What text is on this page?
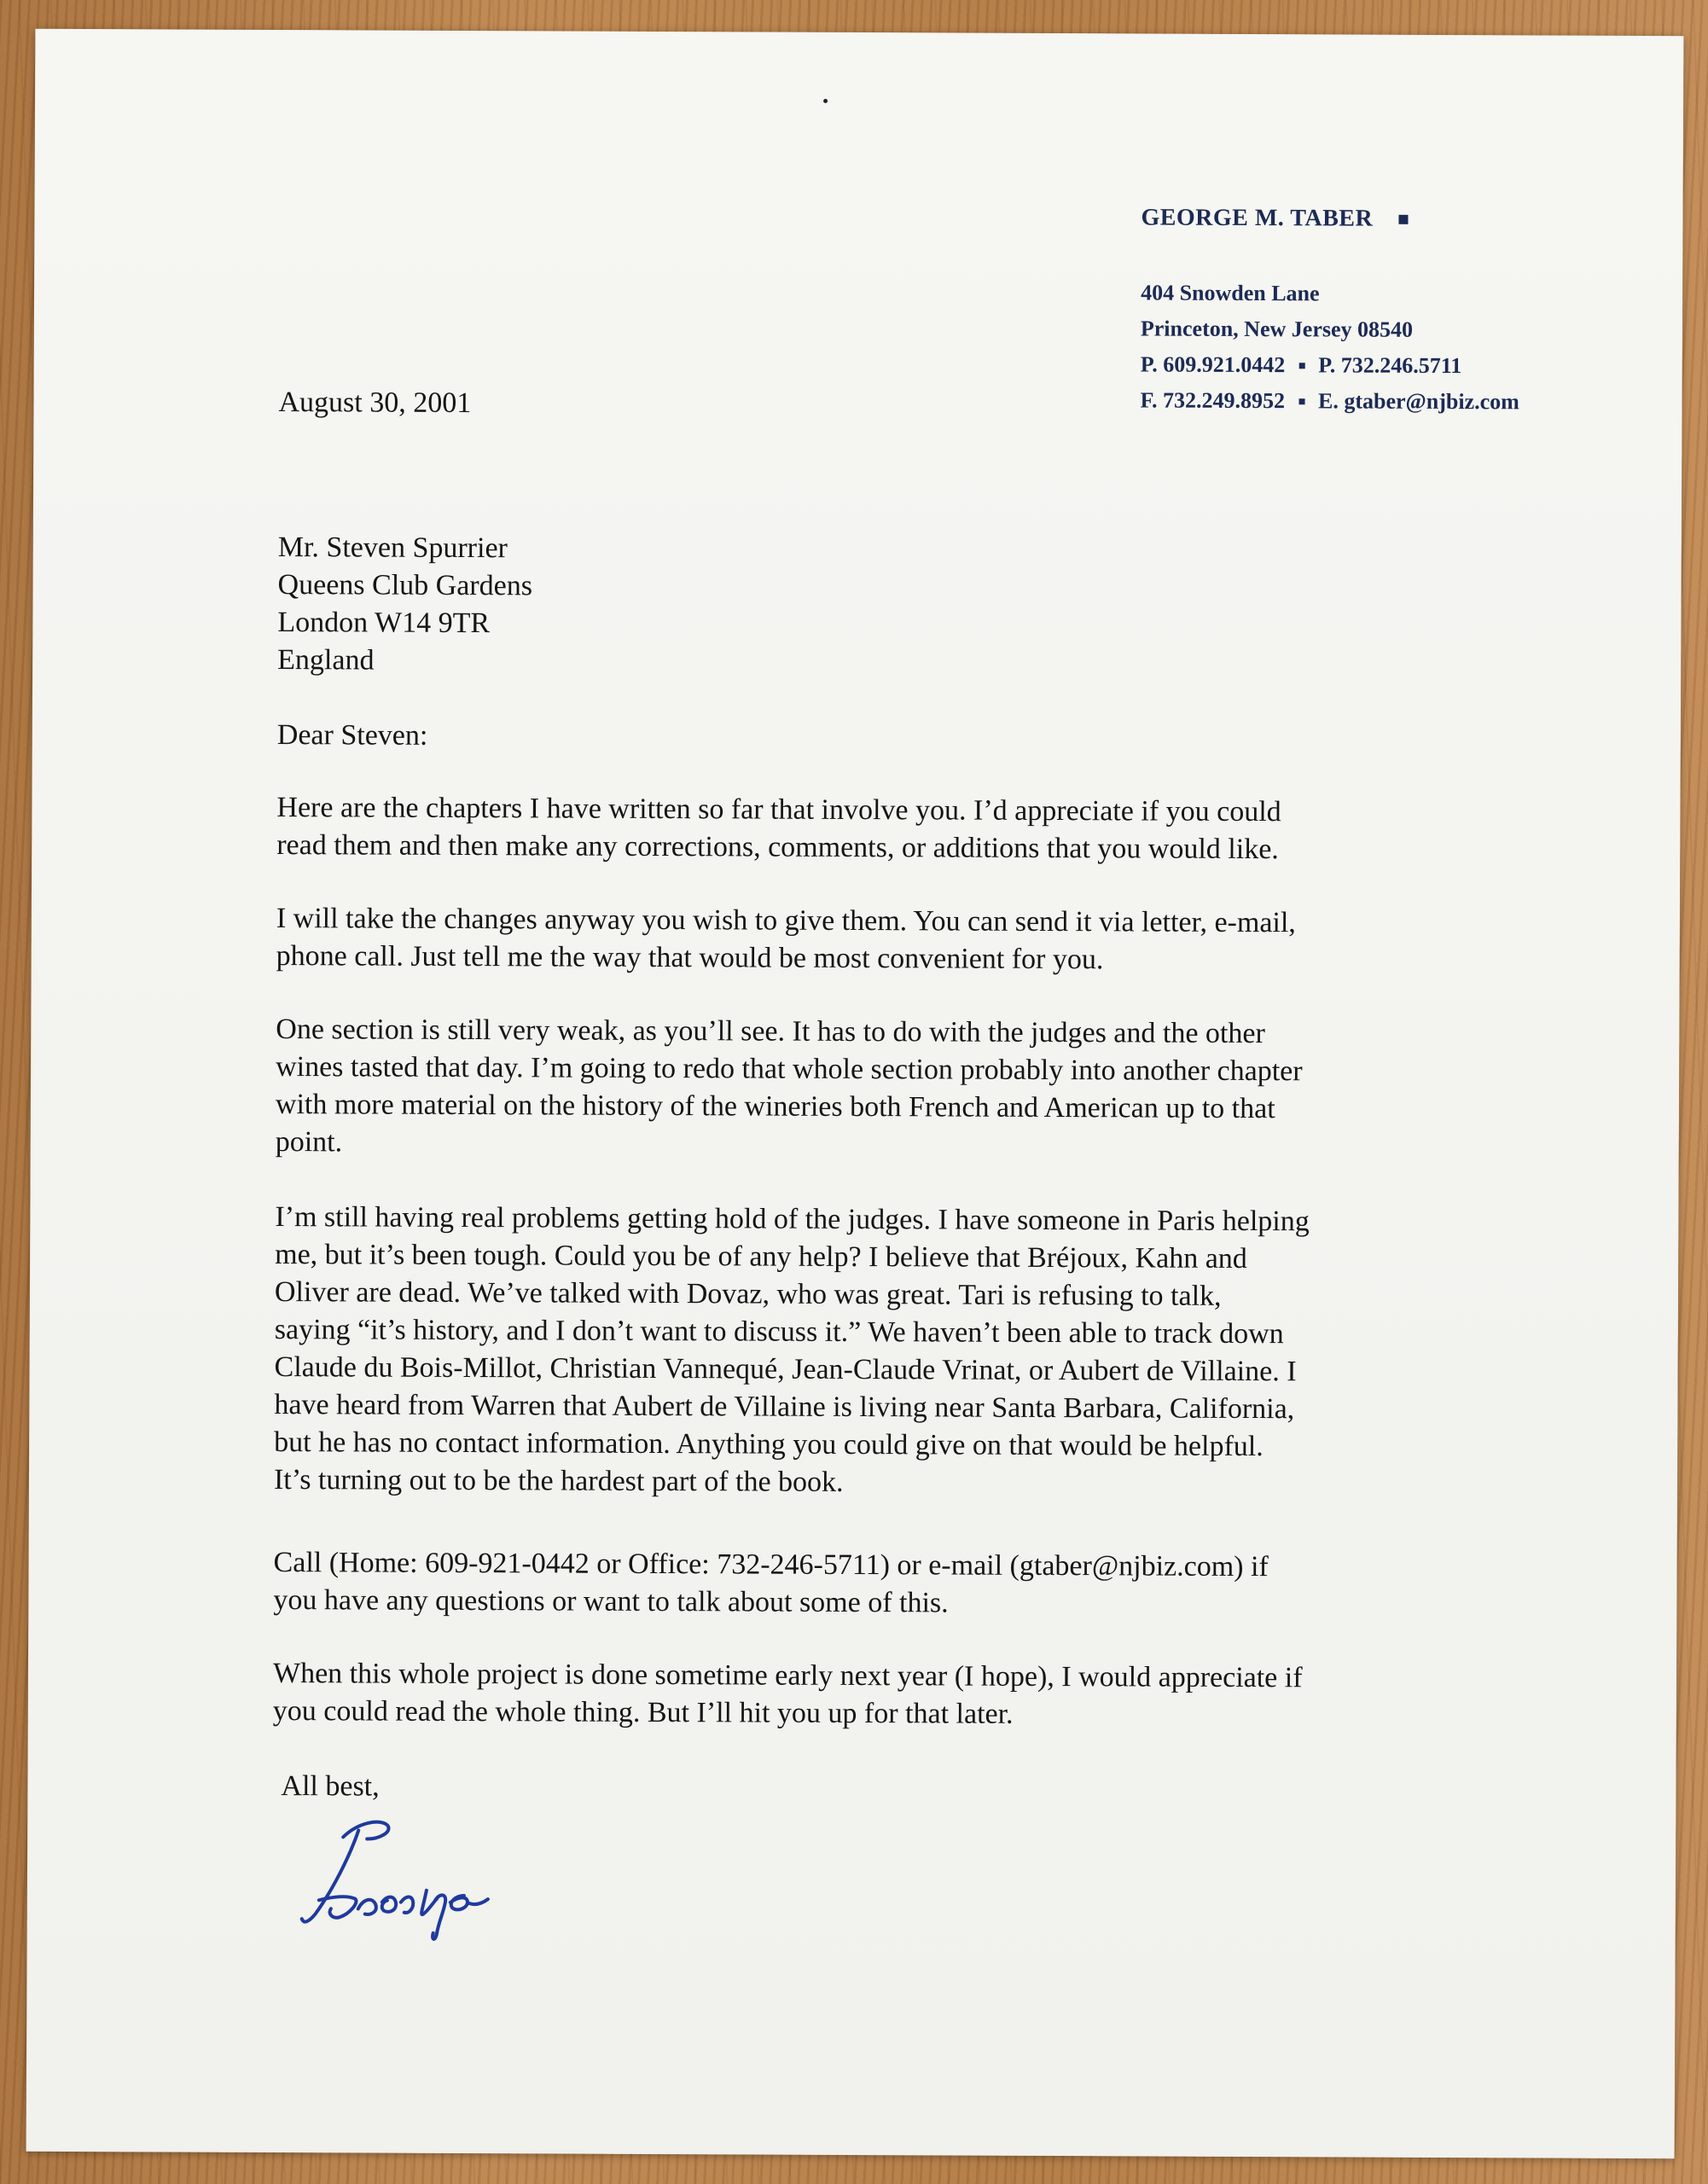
GEORGE M. TABER
404 Snowden Lane
Princeton, New Jersey 08540
P. 609.921.0442 P. 732.246.5711
F. 732.249.8952 E. gtaber@njbiz.com
August 30, 2001
Mr. Steven Spurrier
Queens Club Gardens
London W14 9TR
England
Dear Steven:
Here are the chapters I have written so far that involve you. I’d appreciate if you could
read them and then make any corrections, comments, or additions that you would like.
I will take the changes anyway you wish to give them. You can send it via letter, e-mail,
phone call. Just tell me the way that would be most convenient for you.
One section is still very weak, as you’ll see. It has to do with the judges and the other
wines tasted that day. I’m going to redo that whole section probably into another chapter
with more material on the history of the wineries both French and American up to that
point.
I’m still having real problems getting hold of the judges. I have someone in Paris helping
me, but it’s been tough. Could you be of any help? I believe that Bréjoux, Kahn and
Oliver are dead. We’ve talked with Dovaz, who was great. Tari is refusing to talk,
saying “it’s history, and I don’t want to discuss it.” We haven’t been able to track down
Claude du Bois-Millot, Christian Vannequé, Jean-Claude Vrinat, or Aubert de Villaine. I
have heard from Warren that Aubert de Villaine is living near Santa Barbara, California,
but he has no contact information. Anything you could give on that would be helpful.
It’s turning out to be the hardest part of the book.
Call (Home: 609-921-0442 or Office: 732-246-5711) or e-mail (gtaber@njbiz.com) if
you have any questions or want to talk about some of this.
When this whole project is done sometime early next year (I hope), I would appreciate if
you could read the whole thing. But I’ll hit you up for that later.
All best,
